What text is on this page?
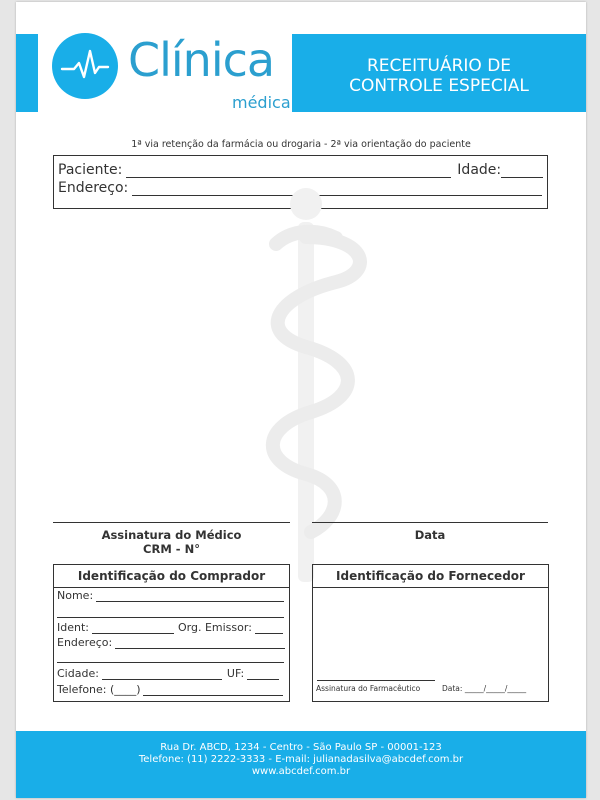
Clínica
médica
RECEITUÁRIO DE
CONTROLE ESPECIAL
1ª via retenção da farmácia ou drogaria - 2ª via orientação do paciente
Paciente:	Idade:
Endereço:
Assinatura do Médico
CRM - N°
Data
Identificação do Comprador
Nome:
Ident:	Org. Emissor:
Endereço:
Cidade:	UF:
Telefone: (____)
Identificação do Fornecedor
Assinatura do Farmacêutico	Data: _____/_____/_____
Rua Dr. ABCD, 1234 - Centro - São Paulo SP - 00001-123
Telefone: (11) 2222-3333 - E-mail: julianadasilva@abcdef.com.br
www.abcdef.com.br
